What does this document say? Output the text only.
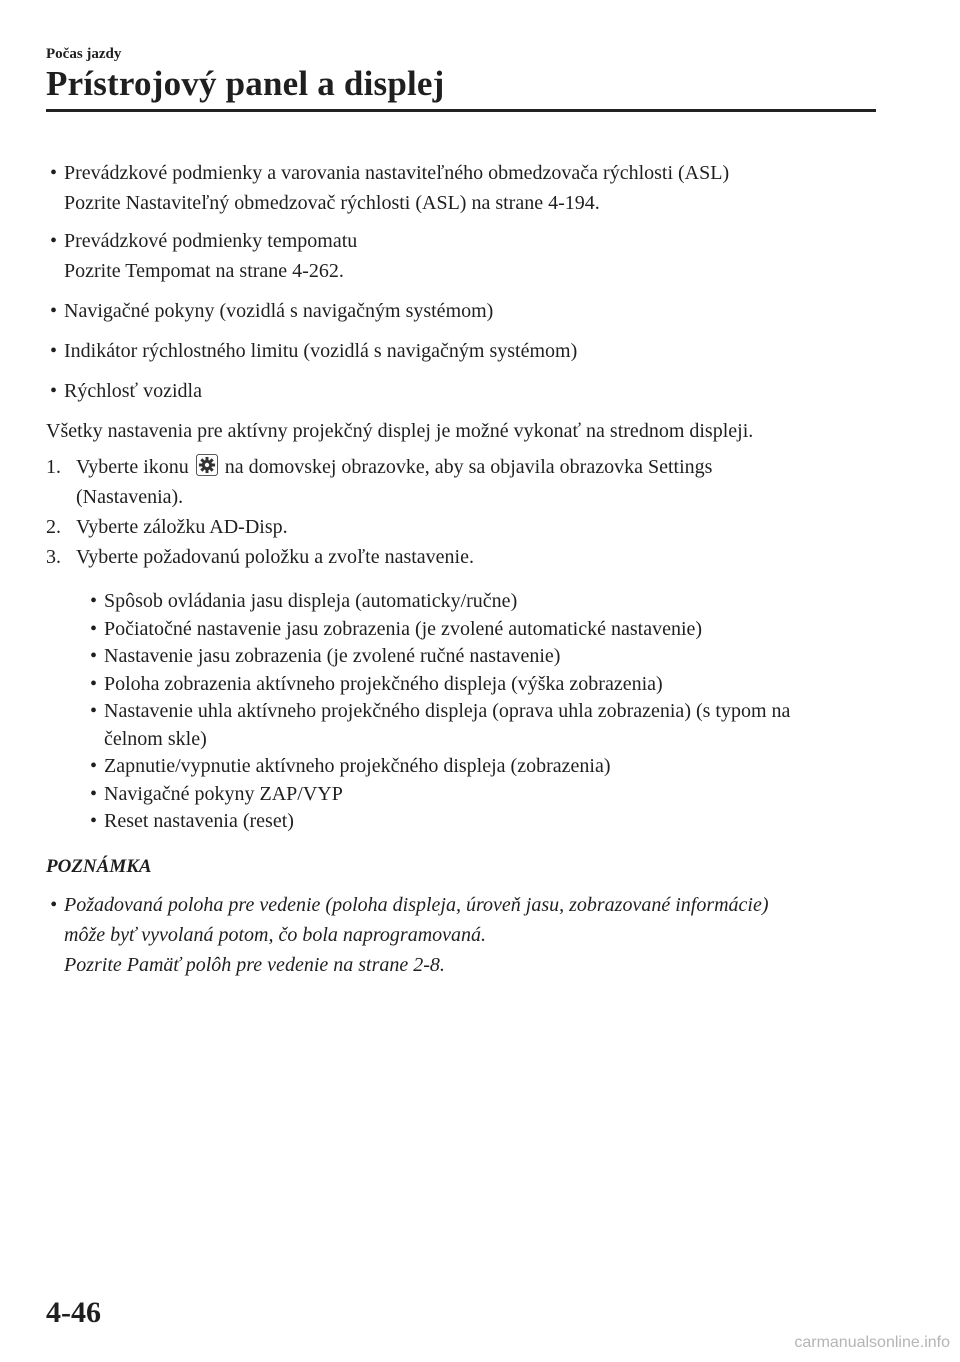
Počas jazdy
Prístrojový panel a displej
• Prevádzkové podmienky a varovania nastaviteľného obmedzovača rýchlosti (ASL)
Pozrite Nastaviteľný obmedzovač rýchlosti (ASL) na strane 4-194.
• Prevádzkové podmienky tempomatu
Pozrite Tempomat na strane 4-262.
• Navigačné pokyny (vozidlá s navigačným systémom)
• Indikátor rýchlostného limitu (vozidlá s navigačným systémom)
• Rýchlosť vozidla
Všetky nastavenia pre aktívny projekčný displej je možné vykonať na strednom displeji.
1. Vyberte ikonu na domovskej obrazovke, aby sa objavila obrazovka Settings
(Nastavenia).
2. Vyberte záložku AD-Disp.
3. Vyberte požadovanú položku a zvoľte nastavenie.
• Spôsob ovládania jasu displeja (automaticky/ručne)
• Počiatočné nastavenie jasu zobrazenia (je zvolené automatické nastavenie)
• Nastavenie jasu zobrazenia (je zvolené ručné nastavenie)
• Poloha zobrazenia aktívneho projekčného displeja (výška zobrazenia)
• Nastavenie uhla aktívneho projekčného displeja (oprava uhla zobrazenia) (s typom na
čelnom skle)
• Zapnutie/vypnutie aktívneho projekčného displeja (zobrazenia)
• Navigačné pokyny ZAP/VYP
• Reset nastavenia (reset)
POZNÁMKA
• Požadovaná poloha pre vedenie (poloha displeja, úroveň jasu, zobrazované informácie)
môže byť vyvolaná potom, čo bola naprogramovaná.
Pozrite Pamäť polôh pre vedenie na strane 2-8.
4-46
carmanualsonline.info
